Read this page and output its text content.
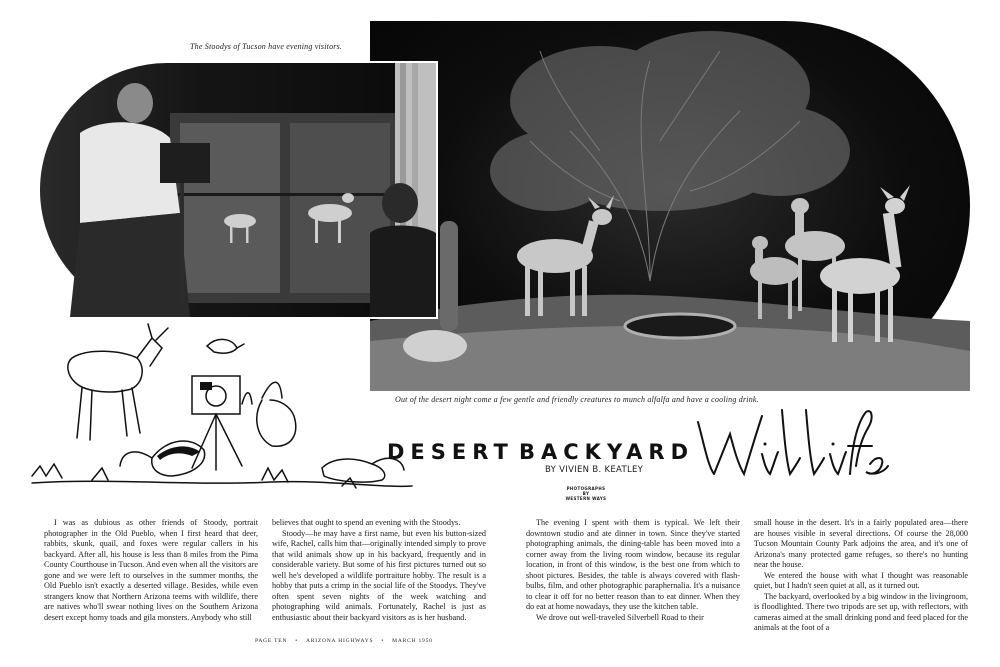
The Stoodys of Tucson have evening visitors.
Out of the desert night come a few gentle and friendly creatures to munch alfalfa and have a cooling drink.
DESERT BACKYARD
BY VIVIEN B. KEATLEY
PHOTOGRAPHS
BY
WESTERN WAYS

I was as dubious as other friends of Stoody, portrait photographer in the Old Pueblo, when I first heard that deer, rabbits, skunk, quail, and foxes were regular callers in his backyard. After all, his house is less than 8 miles from the Pima County Courthouse in Tucson. And even when all the visitors are gone and we were left to ourselves in the summer months, the Old Pueblo isn't exactly a deserted village. Besides, while even strangers know that Northern Arizona teems with wildlife, there are natives who'll swear nothing lives on the Southern Arizona desert except horny toads and gila monsters. Anybody who still

believes that ought to spend an evening with the Stoodys.

Stoody—he may have a first name, but even his button-sized wife, Rachel, calls him that—originally intended simply to prove that wild animals show up in his backyard, frequently and in considerable variety. But some of his first pictures turned out so well he's developed a wildlife portraiture hobby. The result is a hobby that puts a crimp in the social life of the Stoodys. They've often spent seven nights of the week watching and photographing wild animals. Fortunately, Rachel is just as enthusiastic about their backyard visitors as is her husband.

The evening I spent with them is typical. We left their downtown studio and ate dinner in town. Since they've started photographing animals, the dining-table has been moved into a corner away from the living room window, because its regular location, in front of this window, is the best one from which to shoot pictures. Besides, the table is always covered with flash-bulbs, film, and other photographic paraphernalia. It's a nuisance to clear it off for no better reason than to eat dinner. When they do eat at home nowadays, they use the kitchen table.

We drove out well-traveled Silverbell Road to their

small house in the desert. It's in a fairly populated area—there are houses visible in several directions. Of course the 28,000 Tucson Mountain County Park adjoins the area, and it's one of Arizona's many protected game refuges, so there's no hunting near the house.

We entered the house with what I thought was reasonable quiet, but I hadn't seen quiet at all, as it turned out.

The backyard, overlooked by a big window in the livingroom, is floodlighted. There two tripods are set up, with reflectors, with cameras aimed at the small drinking pond and feed placed for the animals at the foot of a

PAGE TEN • ARIZONA HIGHWAYS • MARCH 1950
